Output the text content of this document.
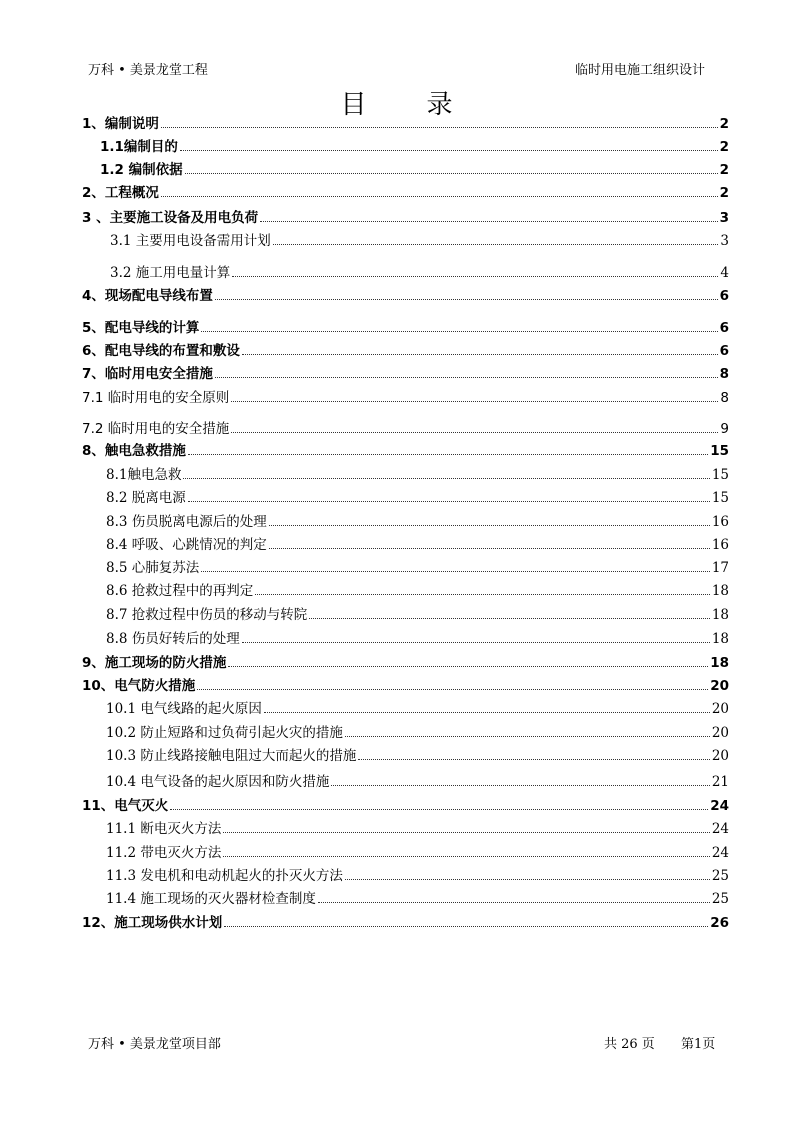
万科 • 美景龙堂工程	临时用电施工组织设计
目录
1、编制说明	2
1.1编制目的	2
1.2 编制依据	2
2、工程概况	2
3 、主要施工设备及用电负荷	3
3.1 主要用电设备需用计划	3
3.2 施工用电量计算	4
4、现场配电导线布置	6
5、配电导线的计算	6
6、配电导线的布置和敷设	6
7、临时用电安全措施	8
7.1 临时用电的安全原则	8
7.2 临时用电的安全措施	9
8、触电急救措施	15
8.1触电急救	15
8.2 脱离电源	15
8.3 伤员脱离电源后的处理	16
8.4 呼吸、心跳情况的判定	16
8.5 心肺复苏法	17
8.6 抢救过程中的再判定	18
8.7 抢救过程中伤员的移动与转院	18
8.8 伤员好转后的处理	18
9、施工现场的防火措施	18
10、电气防火措施	20
10.1 电气线路的起火原因	20
10.2 防止短路和过负荷引起火灾的措施	20
10.3 防止线路接触电阻过大而起火的措施	20
10.4 电气设备的起火原因和防火措施	21
11、电气灭火	24
11.1 断电灭火方法	24
11.2 带电灭火方法	24
11.3 发电机和电动机起火的扑灭火方法	25
11.4 施工现场的灭火器材检查制度	25
12、施工现场供水计划	26
万科 • 美景龙堂项目部	共 26 页 第1页
